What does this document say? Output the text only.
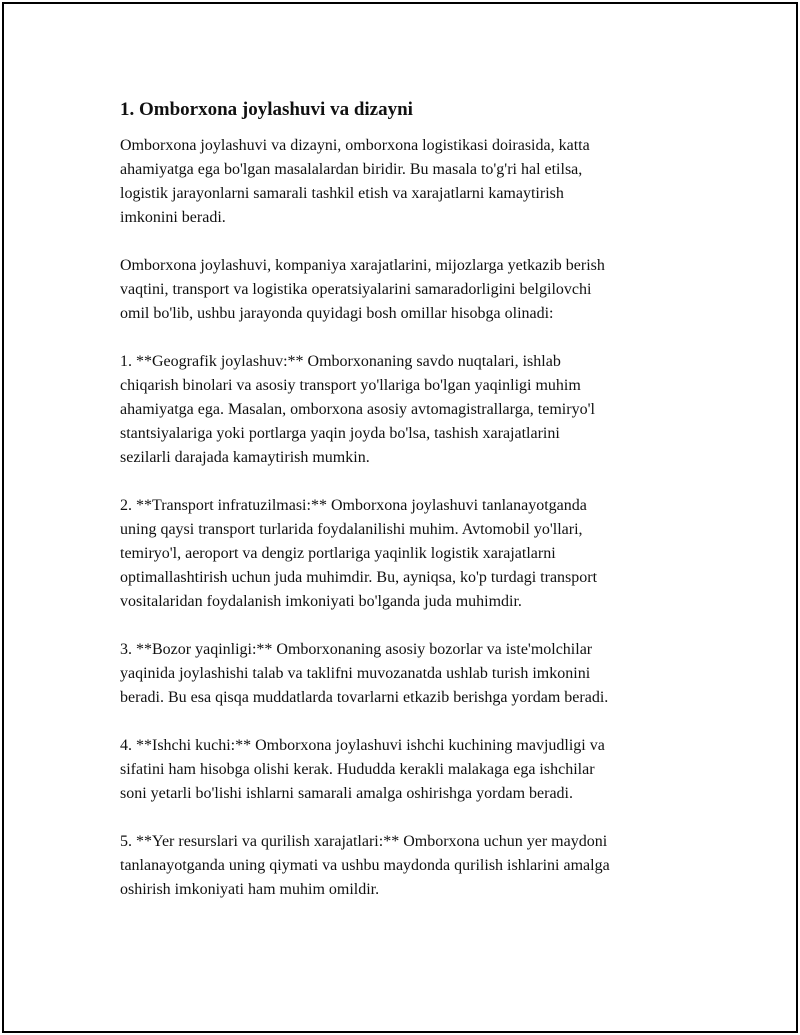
1. Omborxona joylashuvi va dizayni

Omborxona joylashuvi va dizayni, omborxona logistikasi doirasida, katta
ahamiyatga ega bo'lgan masalalardan biridir. Bu masala to'g'ri hal etilsa,
logistik jarayonlarni samarali tashkil etish va xarajatlarni kamaytirish
imkonini beradi.

Omborxona joylashuvi, kompaniya xarajatlarini, mijozlarga yetkazib berish
vaqtini, transport va logistika operatsiyalarini samaradorligini belgilovchi
omil bo'lib, ushbu jarayonda quyidagi bosh omillar hisobga olinadi:

1. **Geografik joylashuv:** Omborxonaning savdo nuqtalari, ishlab
chiqarish binolari va asosiy transport yo'llariga bo'lgan yaqinligi muhim
ahamiyatga ega. Masalan, omborxona asosiy avtomagistrallarga, temiryo'l
stantsiyalariga yoki portlarga yaqin joyda bo'lsa, tashish xarajatlarini
sezilarli darajada kamaytirish mumkin.

2. **Transport infratuzilmasi:** Omborxona joylashuvi tanlanayotganda
uning qaysi transport turlarida foydalanilishi muhim. Avtomobil yo'llari,
temiryo'l, aeroport va dengiz portlariga yaqinlik logistik xarajatlarni
optimallashtirish uchun juda muhimdir. Bu, ayniqsa, ko'p turdagi transport
vositalaridan foydalanish imkoniyati bo'lganda juda muhimdir.

3. **Bozor yaqinligi:** Omborxonaning asosiy bozorlar va iste'molchilar
yaqinida joylashishi talab va taklifni muvozanatda ushlab turish imkonini
beradi. Bu esa qisqa muddatlarda tovarlarni etkazib berishga yordam beradi.

4. **Ishchi kuchi:** Omborxona joylashuvi ishchi kuchining mavjudligi va
sifatini ham hisobga olishi kerak. Hududda kerakli malakaga ega ishchilar
soni yetarli bo'lishi ishlarni samarali amalga oshirishga yordam beradi.

5. **Yer resurslari va qurilish xarajatlari:** Omborxona uchun yer maydoni
tanlanayotganda uning qiymati va ushbu maydonda qurilish ishlarini amalga
oshirish imkoniyati ham muhim omildir.
